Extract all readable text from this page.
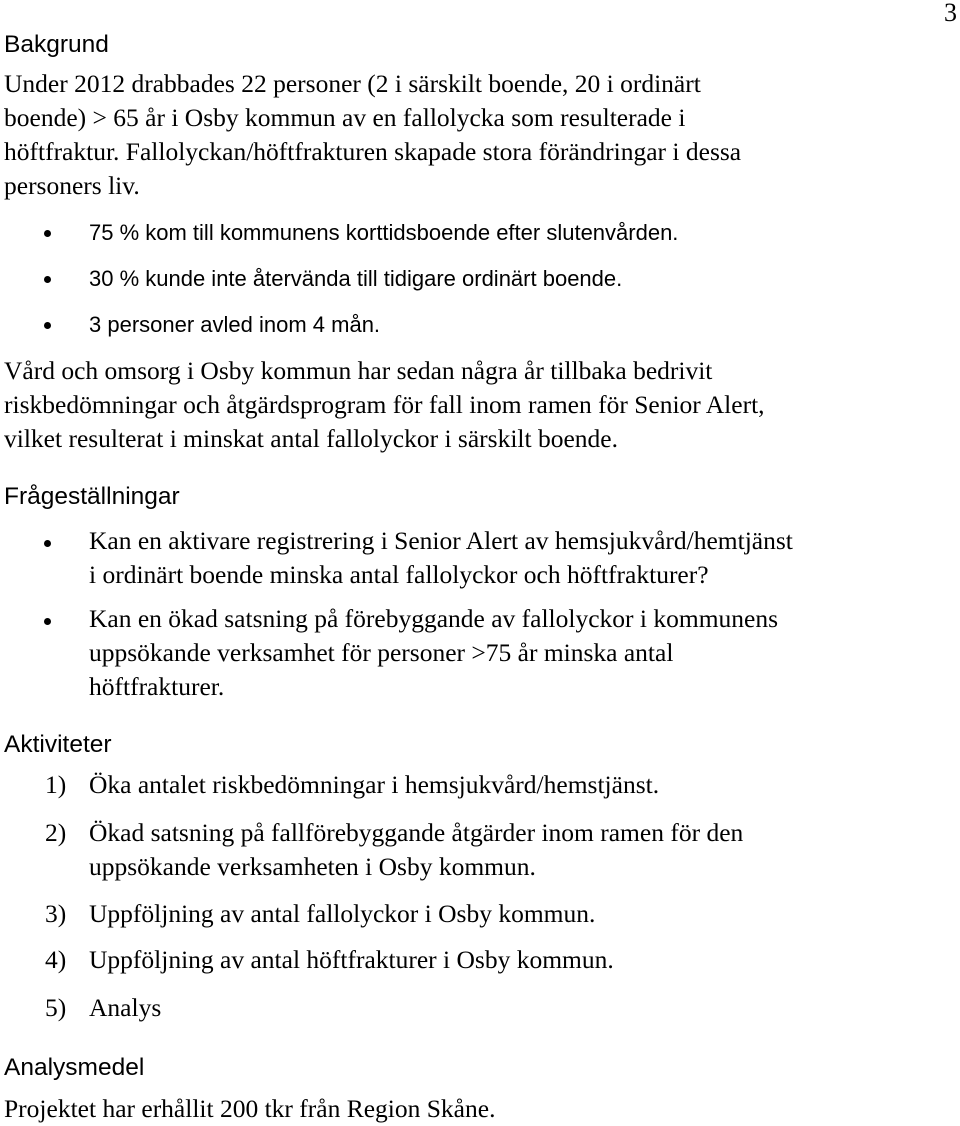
3
Bakgrund
Under 2012 drabbades 22 personer (2 i särskilt boende, 20 i ordinärt
boende) > 65 år i Osby kommun av en fallolycka som resulterade i
höftfraktur. Fallolyckan/höftfrakturen skapade stora förändringar i dessa
personers liv.
75 % kom till kommunens korttidsboende efter slutenvården.
30 % kunde inte återvända till tidigare ordinärt boende.
3 personer avled inom 4 mån.
Vård och omsorg i Osby kommun har sedan några år tillbaka bedrivit
riskbedömningar och åtgärdsprogram för fall inom ramen för Senior Alert,
vilket resulterat i minskat antal fallolyckor i särskilt boende.
Frågeställningar
Kan en aktivare registrering i Senior Alert av hemsjukvård/hemtjänst
i ordinärt boende minska antal fallolyckor och höftfrakturer?
Kan en ökad satsning på förebyggande av fallolyckor i kommunens
uppsökande verksamhet för personer >75 år minska antal
höftfrakturer.
Aktiviteter
1) Öka antalet riskbedömningar i hemsjukvård/hemstjänst.
2) Ökad satsning på fallförebyggande åtgärder inom ramen för den
uppsökande verksamheten i Osby kommun.
3) Uppföljning av antal fallolyckor i Osby kommun.
4) Uppföljning av antal höftfrakturer i Osby kommun.
5) Analys
Analysmedel
Projektet har erhållit 200 tkr från Region Skåne.
